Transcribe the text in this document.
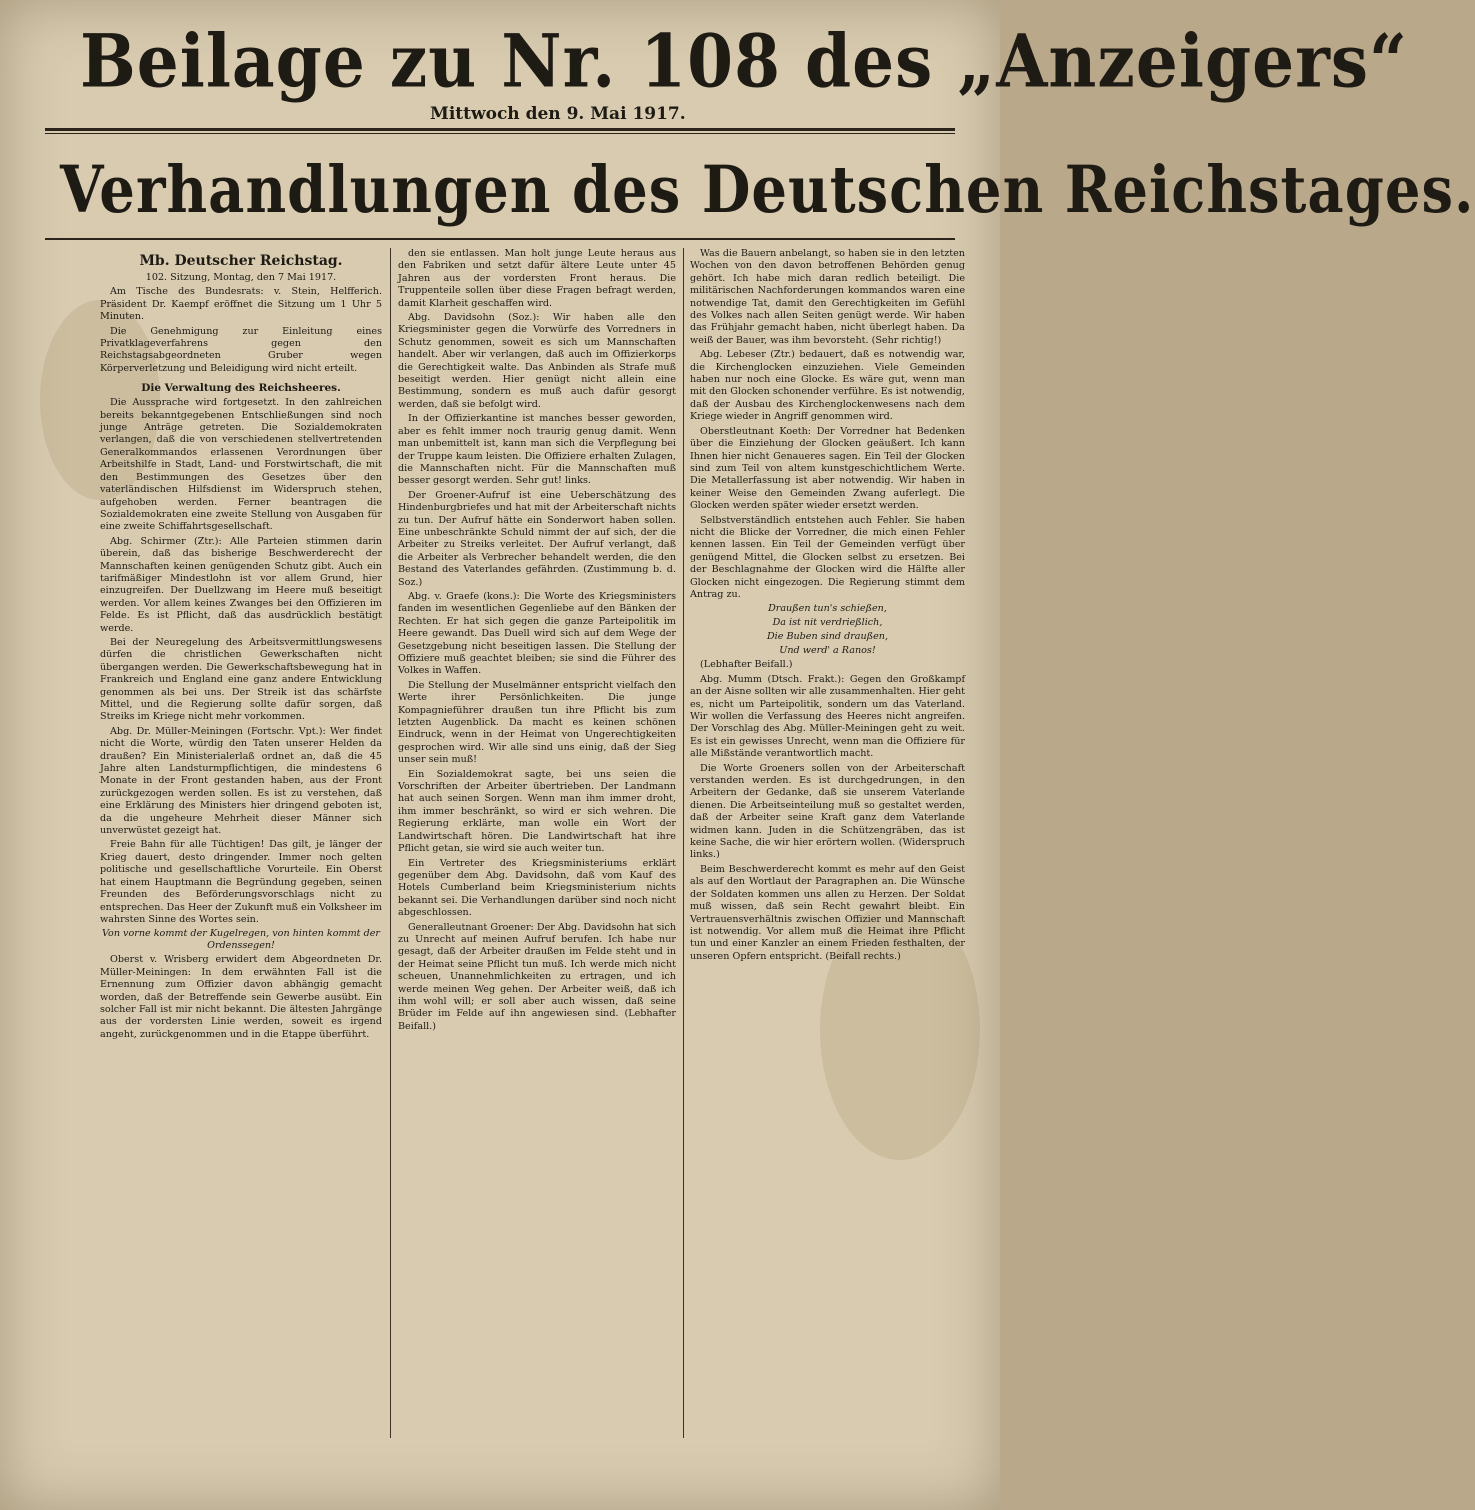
Beilage zu Nr. 108 des „Anzeigers“
Mittwoch den 9. Mai 1917.
Verhandlungen des Deutschen Reichstages.
Mb. Deutscher Reichstag.
102. Sitzung, Montag, den 7 Mai 1917.

Am Tische des Bundesrats: v. Stein, Helfferich. Präsident Dr. Kaempf eröffnet die Sitzung um 1 Uhr 5 Minuten.

Die Genehmigung zur Einleitung eines Privatklageverfahrens gegen den Reichstagsabgeordneten Gruber wegen Körperverletzung und Beleidigung wird nicht erteilt.

Die Verwaltung des Reichsheeres.

Die Aussprache wird fortgesetzt. In den zahlreichen bereits bekanntgegebenen Entschließungen sind noch junge Anträge getreten. Die Sozialdemokraten verlangen, daß die von verschiedenen stellvertretenden Generalkommandos erlassenen Verordnungen über Arbeitshilfe in Stadt, Land- und Forstwirtschaft, die mit den Bestimmungen des Gesetzes über den vaterländischen Hilfsdienst im Widerspruch stehen, aufgehoben werden. Ferner beantragen die Sozialdemokraten eine zweite Stellung von Ausgaben für eine zweite Schiffahrtsgesellschaft.

Abg. Schirmer (Ztr.): Alle Parteien stimmen darin überein, daß das bisherige Beschwerderecht der Mannschaften keinen genügenden Schutz gibt. Auch ein tarifmäßiger Mindestlohn ist vor allem Grund, hier einzugreifen. Der Duellzwang im Heere muß beseitigt werden. Vor allem keines Zwanges bei den Offizieren im Felde. Es ist Pflicht, daß das ausdrücklich bestätigt werde.

Bei der Neuregelung des Arbeitsvermittlungswesens dürfen die christlichen Gewerkschaften nicht übergangen werden. Die Gewerkschaftsbewegung hat in Frankreich und England eine ganz andere Entwicklung genommen als bei uns. Der Streik ist das schärfste Mittel, und die Regierung sollte dafür sorgen, daß Streiks im Kriege nicht mehr vorkommen.

Abg. Dr. Müller-Meiningen (Fortschr. Vpt.): Wer findet nicht die Worte, würdig den Taten unserer Helden da draußen? Ein Ministerialerlaß ordnet an, daß die 45 Jahre alten Landsturmpflichtigen, die mindestens 6 Monate in der Front gestanden haben, aus der Front zurückgezogen werden sollen. Es ist zu verstehen, daß eine Erklärung des Ministers hier dringend geboten ist, da die ungeheure Mehrheit dieser Männer sich unverwüstet gezeigt hat.

Freie Bahn für alle Tüchtigen! Das gilt, je länger der Krieg dauert, desto dringender. Immer noch gelten politische und gesellschaftliche Vorurteile. Ein Oberst hat einem Hauptmann die Begründung gegeben, seinen Freunden des Beförderungsvorschlags nicht zu entsprechen. Das Heer der Zukunft muß ein Volksheer im wahrsten Sinne des Wortes sein.

Von vorne kommt der Kugelregen, von hinten kommt der Ordenssegen!

Oberst v. Wrisberg erwidert dem Abgeordneten Dr. Müller-Meiningen: In dem erwähnten Fall ist die Ernennung zum Offizier davon abhängig gemacht worden, daß der Betreffende sein Gewerbe ausübt. Ein solcher Fall ist mir nicht bekannt. Die ältesten Jahrgänge aus der vordersten Linie werden, soweit es irgend angeht, zurückgenommen und in die Etappe überführt.

den sie entlassen. Man holt junge Leute heraus aus den Fabriken und setzt dafür ältere Leute unter 45 Jahren aus der vordersten Front heraus. Die Truppenteile sollen über diese Fragen befragt werden, damit Klarheit geschaffen wird.

Abg. Davidsohn (Soz.): Wir haben alle den Kriegsminister gegen die Vorwürfe des Vorredners in Schutz genommen, soweit es sich um Mannschaften handelt. Aber wir verlangen, daß auch im Offizierkorps die Gerechtigkeit walte. Das Anbinden als Strafe muß beseitigt werden. Hier genügt nicht allein eine Bestimmung, sondern es muß auch dafür gesorgt werden, daß sie befolgt wird.

In der Offizierkantine ist manches besser geworden, aber es fehlt immer noch traurig genug damit. Wenn man unbemittelt ist, kann man sich die Verpflegung bei der Truppe kaum leisten. Die Offiziere erhalten Zulagen, die Mannschaften nicht. Für die Mannschaften muß besser gesorgt werden. Sehr gut! links.

Der Groener-Aufruf ist eine Ueberschätzung des Hindenburgbriefes und hat mit der Arbeiterschaft nichts zu tun. Der Aufruf hätte ein Sonderwort haben sollen. Eine unbeschränkte Schuld nimmt der auf sich, der die Arbeiter zu Streiks verleitet. Der Aufruf verlangt, daß die Arbeiter als Verbrecher behandelt werden, die den Bestand des Vaterlandes gefährden. (Zustimmung b. d. Soz.)

Abg. v. Graefe (kons.): Die Worte des Kriegsministers fanden im wesentlichen Gegenliebe auf den Bänken der Rechten. Er hat sich gegen die ganze Parteipolitik im Heere gewandt. Das Duell wird sich auf dem Wege der Gesetzgebung nicht beseitigen lassen. Die Stellung der Offiziere muß geachtet bleiben; sie sind die Führer des Volkes in Waffen.

Die Stellung der Muselmänner entspricht vielfach den Werte ihrer Persönlichkeiten. Die junge Kompagnieführer draußen tun ihre Pflicht bis zum letzten Augenblick. Da macht es keinen schönen Eindruck, wenn in der Heimat von Ungerechtigkeiten gesprochen wird. Wir alle sind uns einig, daß der Sieg unser sein muß!

Ein Sozialdemokrat sagte, bei uns seien die Vorschriften der Arbeiter übertrieben. Der Landmann hat auch seinen Sorgen. Wenn man ihm immer droht, ihm immer beschränkt, so wird er sich wehren. Die Regierung erklärte, man wolle ein Wort der Landwirtschaft hören. Die Landwirtschaft hat ihre Pflicht getan, sie wird sie auch weiter tun.

Ein Vertreter des Kriegsministeriums erklärt gegenüber dem Abg. Davidsohn, daß vom Kauf des Hotels Cumberland beim Kriegsministerium nichts bekannt sei. Die Verhandlungen darüber sind noch nicht abgeschlossen.

Generalleutnant Groener: Der Abg. Davidsohn hat sich zu Unrecht auf meinen Aufruf berufen. Ich habe nur gesagt, daß der Arbeiter draußen im Felde steht und in der Heimat seine Pflicht tun muß. Ich werde mich nicht scheuen, Unannehmlichkeiten zu ertragen, und ich werde meinen Weg gehen. Der Arbeiter weiß, daß ich ihm wohl will; er soll aber auch wissen, daß seine Brüder im Felde auf ihn angewiesen sind. (Lebhafter Beifall.)

Was die Bauern anbelangt, so haben sie in den letzten Wochen von den davon betroffenen Behörden genug gehört. Ich habe mich daran redlich beteiligt. Die militärischen Nachforderungen kommandos waren eine notwendige Tat, damit den Gerechtigkeiten im Gefühl des Volkes nach allen Seiten genügt werde. Wir haben das Frühjahr gemacht haben, nicht überlegt haben. Da weiß der Bauer, was ihm bevorsteht. (Sehr richtig!)

Abg. Lebeser (Ztr.) bedauert, daß es notwendig war, die Kirchenglocken einzuziehen. Viele Gemeinden haben nur noch eine Glocke. Es wäre gut, wenn man mit den Glocken schonender verführe. Es ist notwendig, daß der Ausbau des Kirchenglockenwesens nach dem Kriege wieder in Angriff genommen wird.

Oberstleutnant Koeth: Der Vorredner hat Bedenken über die Einziehung der Glocken geäußert. Ich kann Ihnen hier nicht Genaueres sagen. Ein Teil der Glocken sind zum Teil von altem kunstgeschichtlichem Werte. Die Metallerfassung ist aber notwendig. Wir haben in keiner Weise den Gemeinden Zwang auferlegt. Die Glocken werden später wieder ersetzt werden.

Selbstverständlich entstehen auch Fehler. Sie haben nicht die Blicke der Vorredner, die mich einen Fehler kennen lassen. Ein Teil der Gemeinden verfügt über genügend Mittel, die Glocken selbst zu ersetzen. Bei der Beschlagnahme der Glocken wird die Hälfte aller Glocken nicht eingezogen. Die Regierung stimmt dem Antrag zu.

Draußen tun's schießen,
Da ist nit verdrießlich,
Die Buben sind draußen,
Und werd' a Ranos!

(Lebhafter Beifall.)

Abg. Mumm (Dtsch. Frakt.): Gegen den Großkampf an der Aisne sollten wir alle zusammenhalten. Hier geht es, nicht um Parteipolitik, sondern um das Vaterland. Wir wollen die Verfassung des Heeres nicht angreifen. Der Vorschlag des Abg. Müller-Meiningen geht zu weit. Es ist ein gewisses Unrecht, wenn man die Offiziere für alle Mißstände verantwortlich macht.

Die Worte Groeners sollen von der Arbeiterschaft verstanden werden. Es ist durchgedrungen, in den Arbeitern der Gedanke, daß sie unserem Vaterlande dienen. Die Arbeitseinteilung muß so gestaltet werden, daß der Arbeiter seine Kraft ganz dem Vaterlande widmen kann. Juden in die Schützengräben, das ist keine Sache, die wir hier erörtern wollen. (Widerspruch links.)

Beim Beschwerderecht kommt es mehr auf den Geist als auf den Wortlaut der Paragraphen an. Die Wünsche der Soldaten kommen uns allen zu Herzen. Der Soldat muß wissen, daß sein Recht gewahrt bleibt. Ein Vertrauensverhältnis zwischen Offizier und Mannschaft ist notwendig. Vor allem muß die Heimat ihre Pflicht tun und einer Kanzler an einem Frieden festhalten, der unseren Opfern entspricht. (Beifall rechts.)
